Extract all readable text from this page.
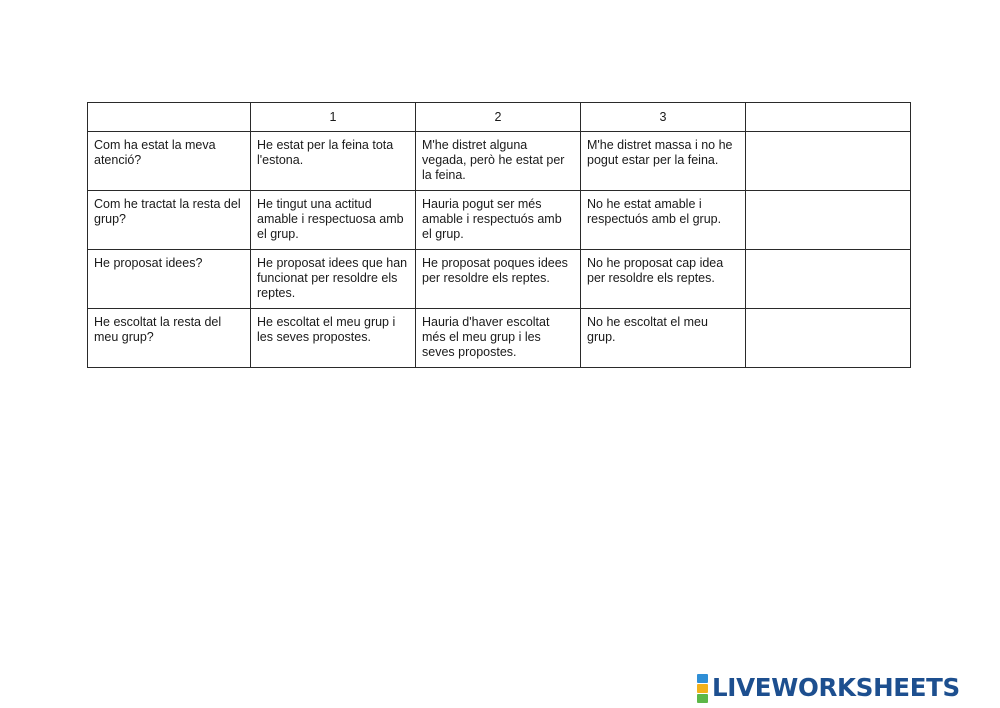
	1	2	3	
Com ha estat la meva atenció?	He estat per la feina tota l'estona.	M'he distret alguna vegada, però he estat per la feina.	M'he distret massa i no he pogut estar per la feina.	
Com he tractat la resta del grup?	He tingut una actitud amable i respectuosa amb el grup.	Hauria pogut ser més amable i respectuós amb el grup.	No he estat amable i respectuós amb el grup.	
He proposat idees?	He proposat idees que han funcionat per resoldre els reptes.	He proposat poques idees per resoldre els reptes.	No he proposat cap idea per resoldre els reptes.	
He escoltat la resta del meu grup?	He escoltat el meu grup i les seves propostes.	Hauria d'haver escoltat més el meu grup i les seves propostes.	No he escoltat el meu grup.	
LIVEWORKSHEETS
